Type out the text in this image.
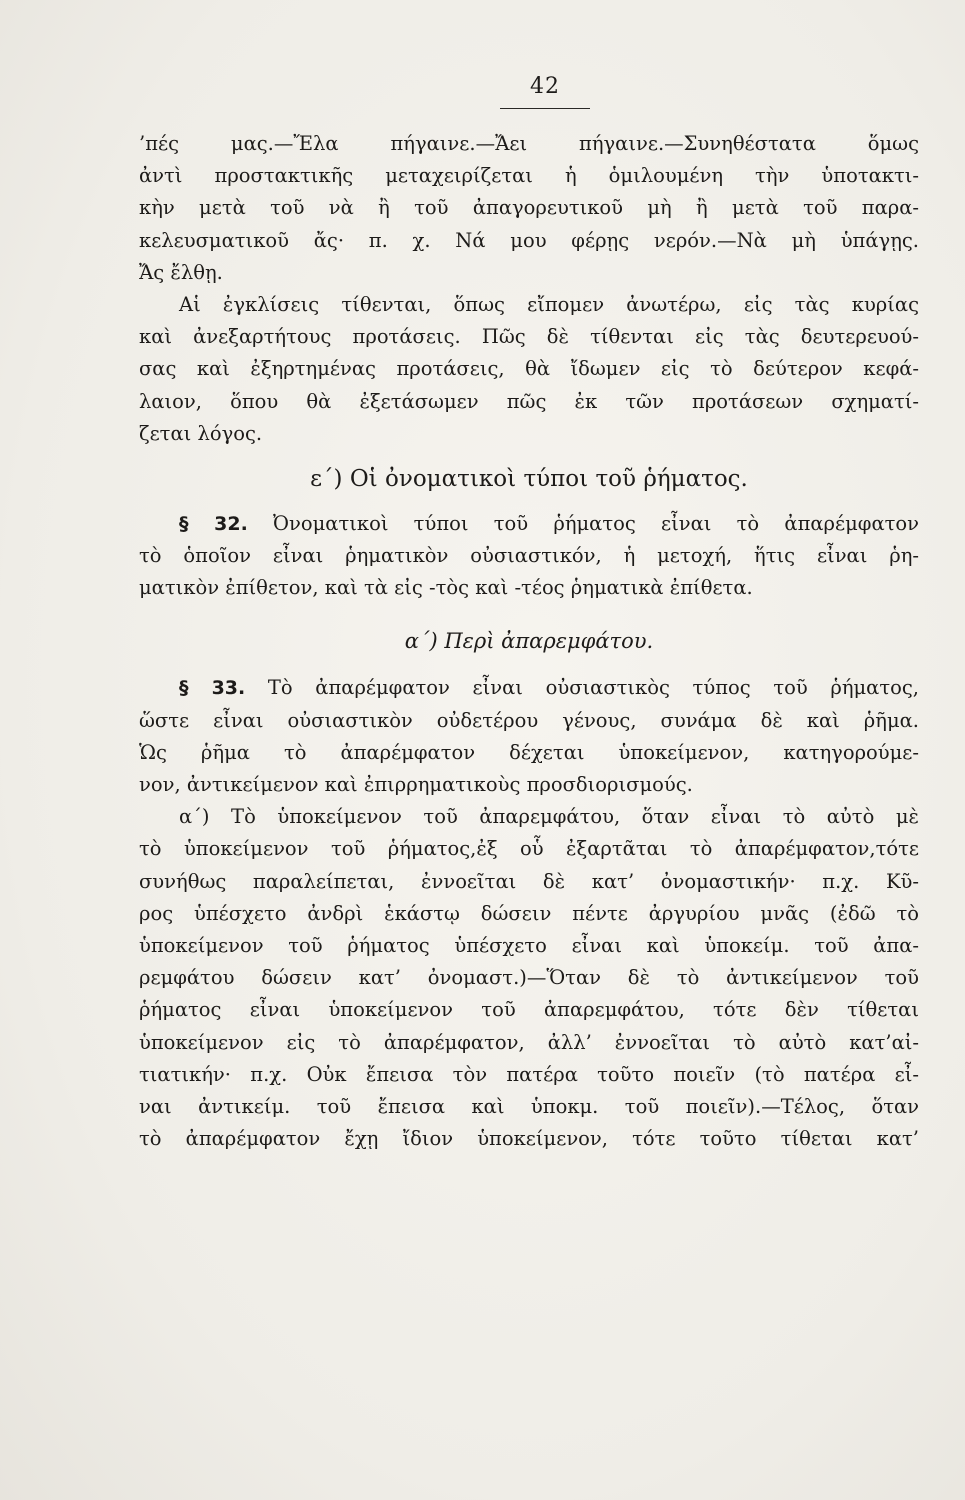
42
’πές μας.—Ἔλα πήγαινε.—Ἄει πήγαινε.—Συνηθέστατα ὅμως
ἀντὶ προστακτικῆς μεταχειρίζεται ἡ ὁμιλουμένη τὴν ὑποτακτι-
κὴν μετὰ τοῦ νὰ ἢ τοῦ ἀπαγορευτικοῦ μὴ ἢ μετὰ τοῦ παρα-
κελευσματικοῦ ἄς· π. χ. Νά μου φέρῃς νερόν.—Νὰ μὴ ὑπάγῃς.
Ἄς ἔλθῃ.
Αἱ ἐγκλίσεις τίθενται, ὅπως εἴπομεν ἀνωτέρω, εἰς τὰς κυρίας
καὶ ἀνεξαρτήτους προτάσεις. Πῶς δὲ τίθενται εἰς τὰς δευτερευού-
σας καὶ ἐξηρτημένας προτάσεις, θὰ ἴδωμεν εἰς τὸ δεύτερον κεφά-
λαιον, ὅπου θὰ ἐξετάσωμεν πῶς ἐκ τῶν προτάσεων σχηματί-
ζεται λόγος.
ε΄) Οἱ ὀνοματικοὶ τύποι τοῦ ῥήματος.
§ 32. Ὀνοματικοὶ τύποι τοῦ ῥήματος εἶναι τὸ ἀπαρέμφατον
τὸ ὁποῖον εἶναι ῥηματικὸν οὐσιαστικόν, ἡ μετοχή, ἥτις εἶναι ῥη-
ματικὸν ἐπίθετον, καὶ τὰ εἰς -τὸς καὶ -τέος ῥηματικὰ ἐπίθετα.
α΄) Περὶ ἀπαρεμφάτου.
§ 33. Τὸ ἀπαρέμφατον εἶναι οὐσιαστικὸς τύπος τοῦ ῥήματος,
ὥστε εἶναι οὐσιαστικὸν οὐδετέρου γένους, συνάμα δὲ καὶ ῥῆμα.
Ὡς ῥῆμα τὸ ἀπαρέμφατον δέχεται ὑποκείμενον, κατηγορούμε-
νον, ἀντικείμενον καὶ ἐπιρρηματικοὺς προσδιορισμούς.
α΄) Τὸ ὑποκείμενον τοῦ ἀπαρεμφάτου, ὅταν εἶναι τὸ αὐτὸ μὲ
τὸ ὑποκείμενον τοῦ ῥήματος,ἐξ οὗ ἐξαρτᾶται τὸ ἀπαρέμφατον,τότε
συνήθως παραλείπεται, ἐννοεῖται δὲ κατ’ ὀνομαστικήν· π.χ. Κῦ-
ρος ὑπέσχετο ἀνδρὶ ἑκάστῳ δώσειν πέντε ἀργυρίου μνᾶς (ἐδῶ τὸ
ὑποκείμενον τοῦ ῥήματος ὑπέσχετο εἶναι καὶ ὑποκείμ. τοῦ ἀπα-
ρεμφάτου δώσειν κατ’ ὀνομαστ.)—Ὅταν δὲ τὸ ἀντικείμενον τοῦ
ῥήματος εἶναι ὑποκείμενον τοῦ ἀπαρεμφάτου, τότε δὲν τίθεται
ὑποκείμενον εἰς τὸ ἀπαρέμφατον, ἀλλ’ ἐννοεῖται τὸ αὐτὸ κατ’αἰ-
τιατικήν· π.χ. Οὐκ ἔπεισα τὸν πατέρα τοῦτο ποιεῖν (τὸ πατέρα εἶ-
ναι ἀντικείμ. τοῦ ἔπεισα καὶ ὑποκμ. τοῦ ποιεῖν).—Τέλος, ὅταν
τὸ ἀπαρέμφατον ἔχῃ ἴδιον ὑποκείμενον, τότε τοῦτο τίθεται κατ’
